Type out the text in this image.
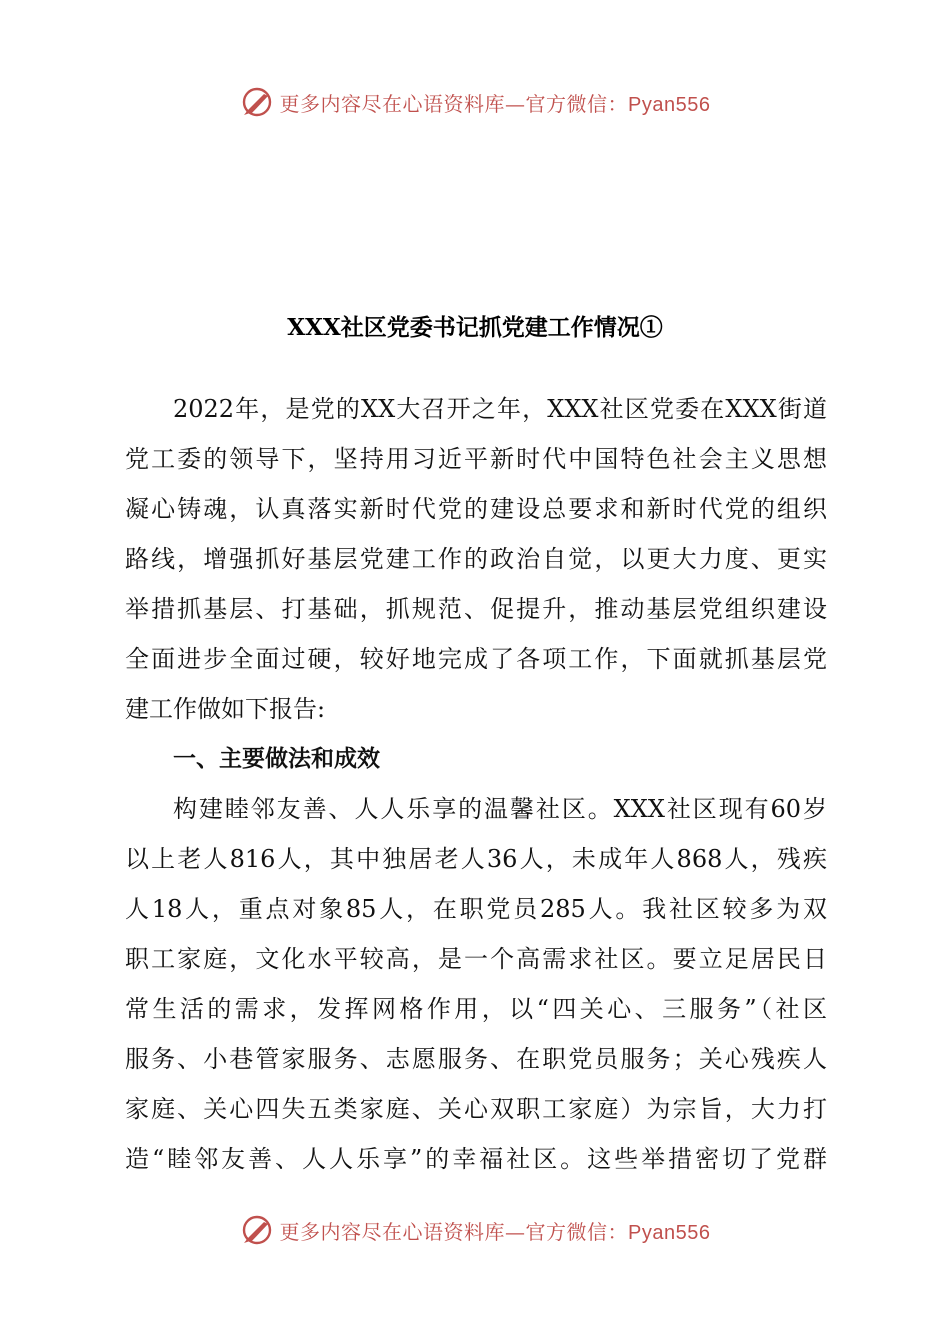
更多内容尽在心语资料库—官方微信：Pyan556
XXX社区党委书记抓党建工作情况①
2022年，是党的XX大召开之年，XXX社区党委在XXX街道
党工委的领导下，坚持用习近平新时代中国特色社会主义思想
凝心铸魂，认真落实新时代党的建设总要求和新时代党的组织
路线，增强抓好基层党建工作的政治自觉，以更大力度、更实
举措抓基层、打基础，抓规范、促提升，推动基层党组织建设
全面进步全面过硬，较好地完成了各项工作，下面就抓基层党
建工作做如下报告:
一、主要做法和成效
构建睦邻友善、人人乐享的温馨社区。XXX社区现有60岁
以上老人816人，其中独居老人36人，未成年人868人，残疾
人18人，重点对象85人，在职党员285人。我社区较多为双
职工家庭，文化水平较高，是一个高需求社区。要立足居民日
常生活的需求，发挥网格作用，以“四关心、三服务”（社区
服务、小巷管家服务、志愿服务、在职党员服务；关心残疾人
家庭、关心四失五类家庭、关心双职工家庭）为宗旨，大力打
造“睦邻友善、人人乐享”的幸福社区。这些举措密切了党群
更多内容尽在心语资料库—官方微信：Pyan556
